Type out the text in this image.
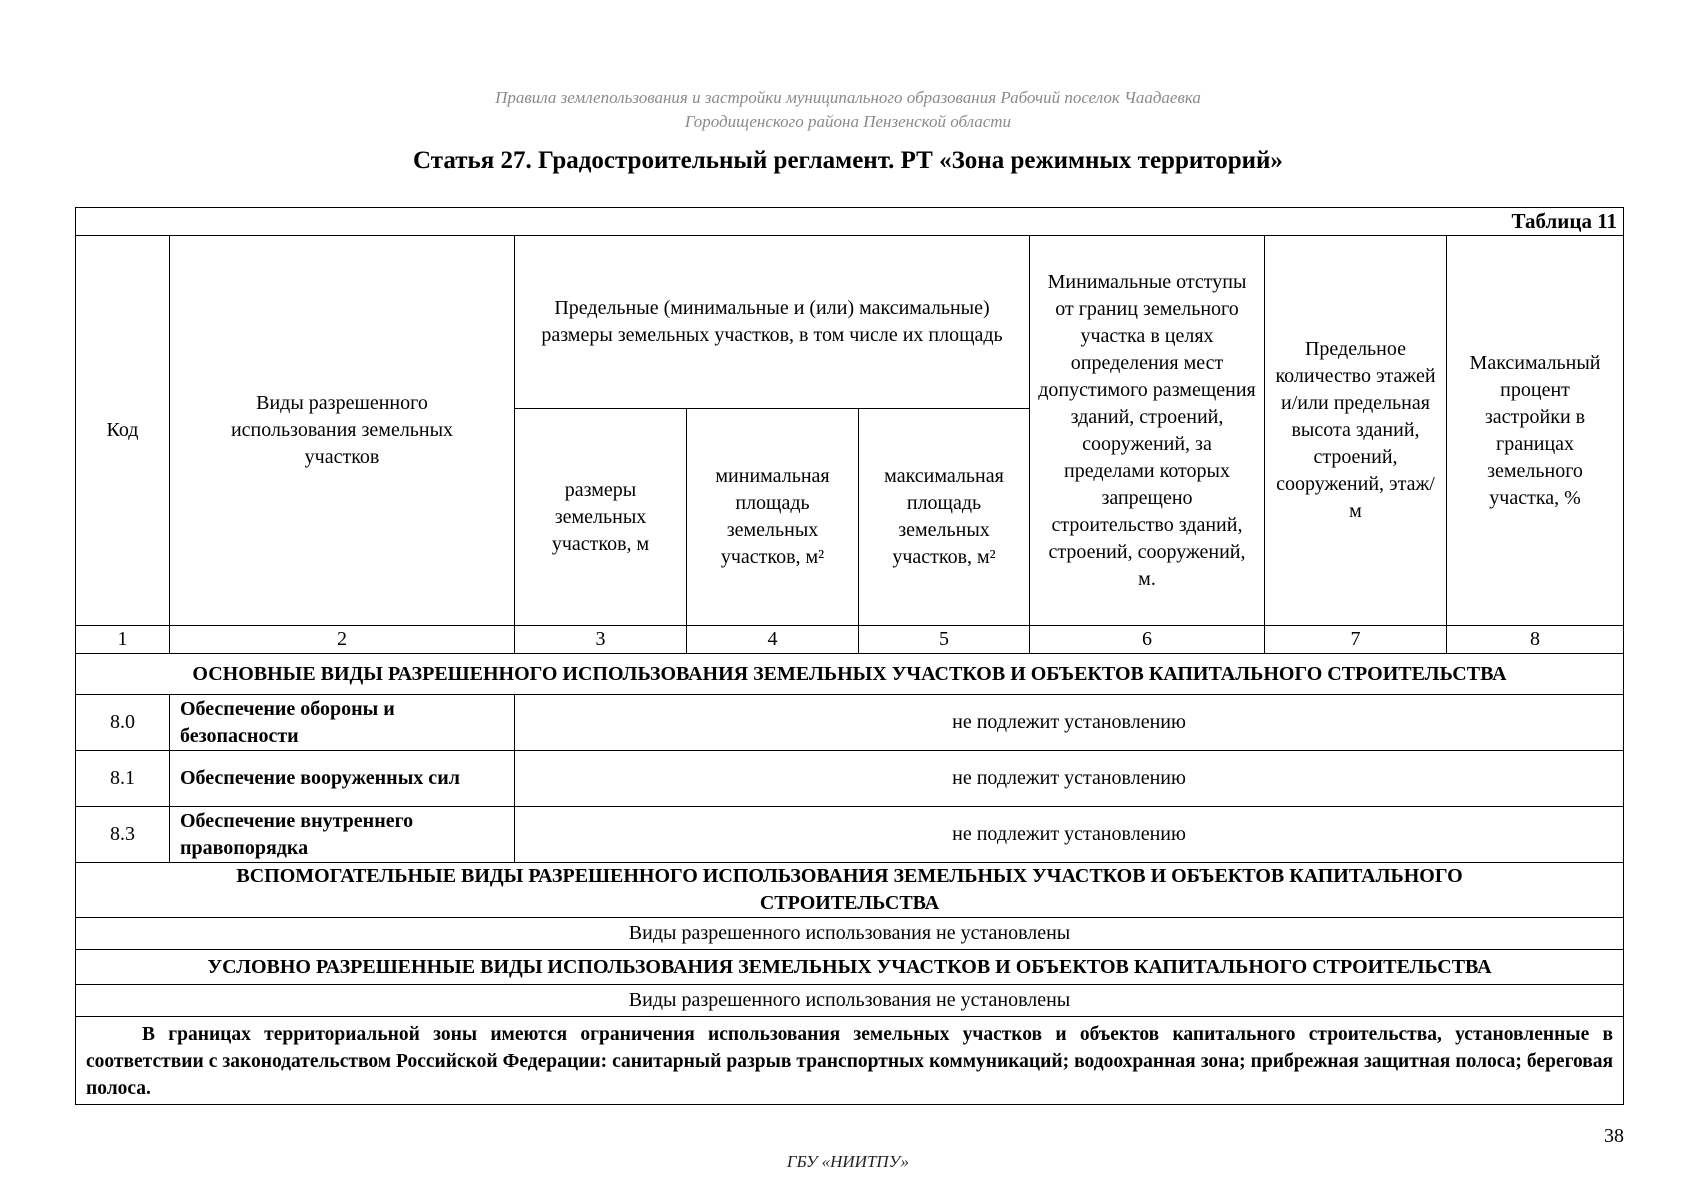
Правила землепользования и застройки муниципального образования Рабочий поселок Чаадаевка
Городищенского района Пензенской области
Статья 27. Градостроительный регламент. РТ «Зона режимных территорий»
Таблица 11							
Код	Виды разрешенного использования земельных участков	Предельные (минимальные и (или) максимальные) размеры земельных участков, в том числе их площадь			Минимальные отступы от границ земельного участка в целях определения мест допустимого размещения зданий, строений, сооружений, за пределами которых запрещено строительство зданий, строений, сооружений, м.	Предельное количество этажей и/или предельная высота зданий, строений, сооружений, этаж/м	Максимальный процент застройки в границах земельного участка, %
		размеры земельных участков, м	минимальная площадь земельных участков, м²	максимальная площадь земельных участков, м²			
1	2	3	4	5	6	7	8
ОСНОВНЫЕ ВИДЫ РАЗРЕШЕННОГО ИСПОЛЬЗОВАНИЯ ЗЕМЕЛЬНЫХ УЧАСТКОВ И ОБЪЕКТОВ КАПИТАЛЬНОГО СТРОИТЕЛЬСТВА							
8.0	Обеспечение обороны и безопасности	не подлежит установлению					
8.1	Обеспечение вооруженных сил	не подлежит установлению					
8.3	Обеспечение внутреннего правопорядка	не подлежит установлению					
ВСПОМОГАТЕЛЬНЫЕ ВИДЫ РАЗРЕШЕННОГО ИСПОЛЬЗОВАНИЯ ЗЕМЕЛЬНЫХ УЧАСТКОВ И ОБЪЕКТОВ КАПИТАЛЬНОГО СТРОИТЕЛЬСТВА							
Виды разрешенного использования не установлены							
УСЛОВНО РАЗРЕШЕННЫЕ ВИДЫ ИСПОЛЬЗОВАНИЯ ЗЕМЕЛЬНЫХ УЧАСТКОВ И ОБЪЕКТОВ КАПИТАЛЬНОГО СТРОИТЕЛЬСТВА							
Виды разрешенного использования не установлены							
В границах территориальной зоны имеются ограничения использования земельных участков и объектов капитального строительства, установленные в соответствии с законодательством Российской Федерации: санитарный разрыв транспортных коммуникаций; водоохранная зона; прибрежная защитная полоса; береговая полоса.							
38
ГБУ «НИИТПУ»
